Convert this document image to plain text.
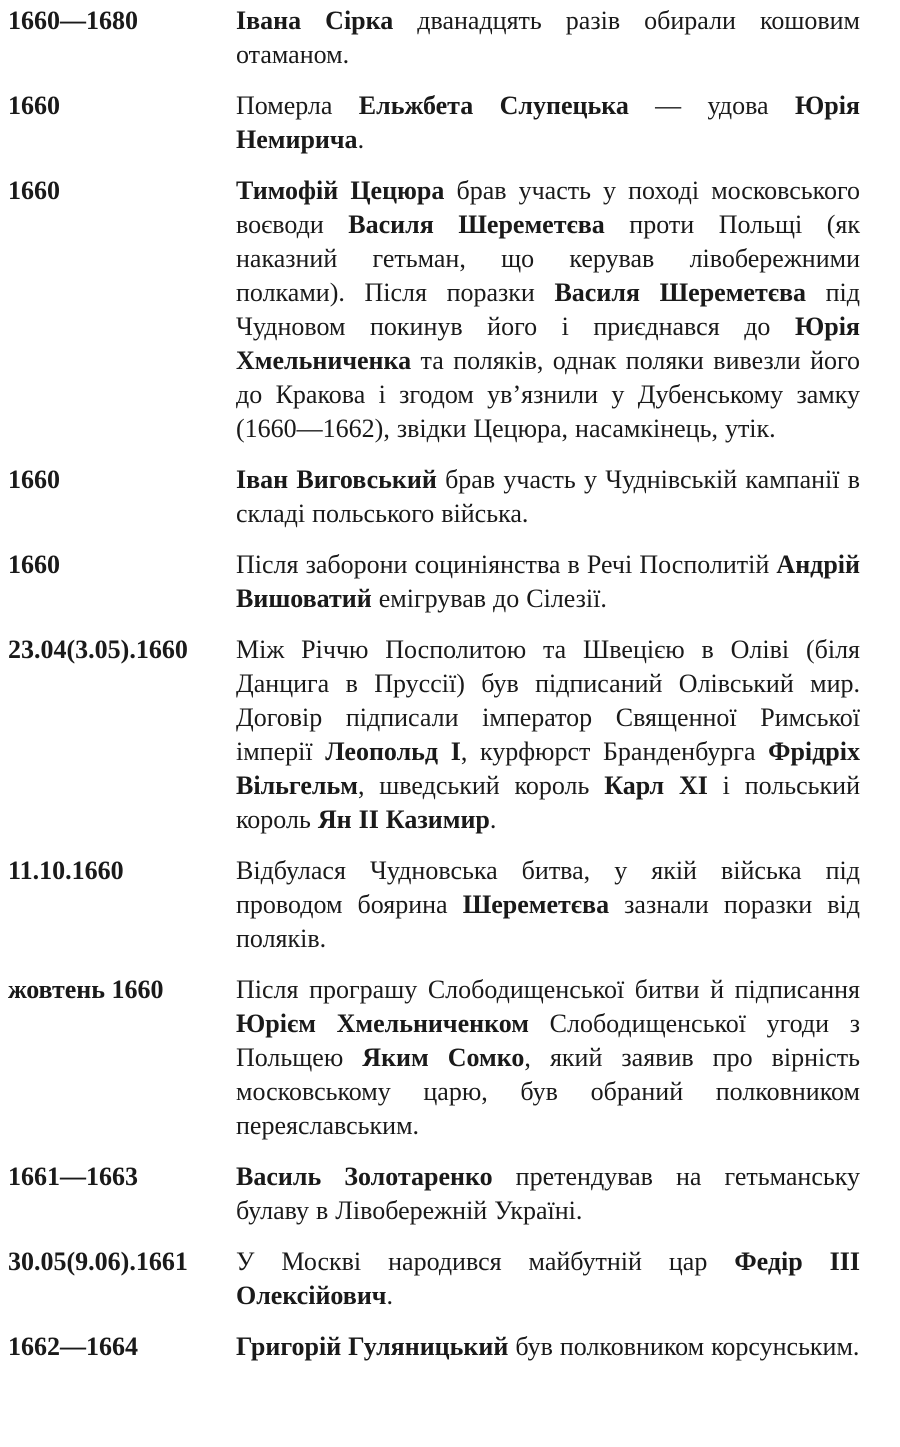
1660—1680	Івана Сірка дванадцять разів обирали кошовим отаманом.
1660	Померла Ельжбета Слупецька — удова Юрія Немирича.
1660	Тимофій Цецюра брав участь у поході московського воєводи Василя Шереметєва проти Польщі (як наказний гетьман, що керував лівобережними полками). Після поразки Василя Шереметєва під Чудновом покинув його і приєднався до Юрія Хмельниченка та поляків, однак поляки вивезли його до Кракова і згодом ув’язнили у Дубенському замку (1660—1662), звідки Цецюра, насамкінець, утік.
1660	Іван Виговський брав участь у Чуднівській кампанії в складі польського війська.
1660	Після заборони социніянства в Речі Посполитій Андрій Вишоватий емігрував до Сілезії.
23.04(3.05).1660	Між Річчю Посполитою та Швецією в Оліві (біля Данцига в Пруссії) був підписаний Олівський мир. Договір підписали імператор Священної Римської імперії Леопольд I, курфюрст Бранденбурга Фрідріх Вільгельм, шведський король Карл XI і польський король Ян II Казимир.
11.10.1660	Відбулася Чудновська битва, у якій війська під проводом боярина Шереметєва зазнали поразки від поляків.
жовтень 1660	Після програшу Слободищенської битви й підписання Юрієм Хмельниченком Слободищенської угоди з Польщею Яким Сомко, який заявив про вірність московському царю, був обраний полковником переяславським.
1661—1663	Василь Золотаренко претендував на гетьманську булаву в Лівобережній Україні.
30.05(9.06).1661	У Москві народився майбутній цар Федір III Олексійович.
1662—1664	Григорій Гуляницький був полковником корсунським.
